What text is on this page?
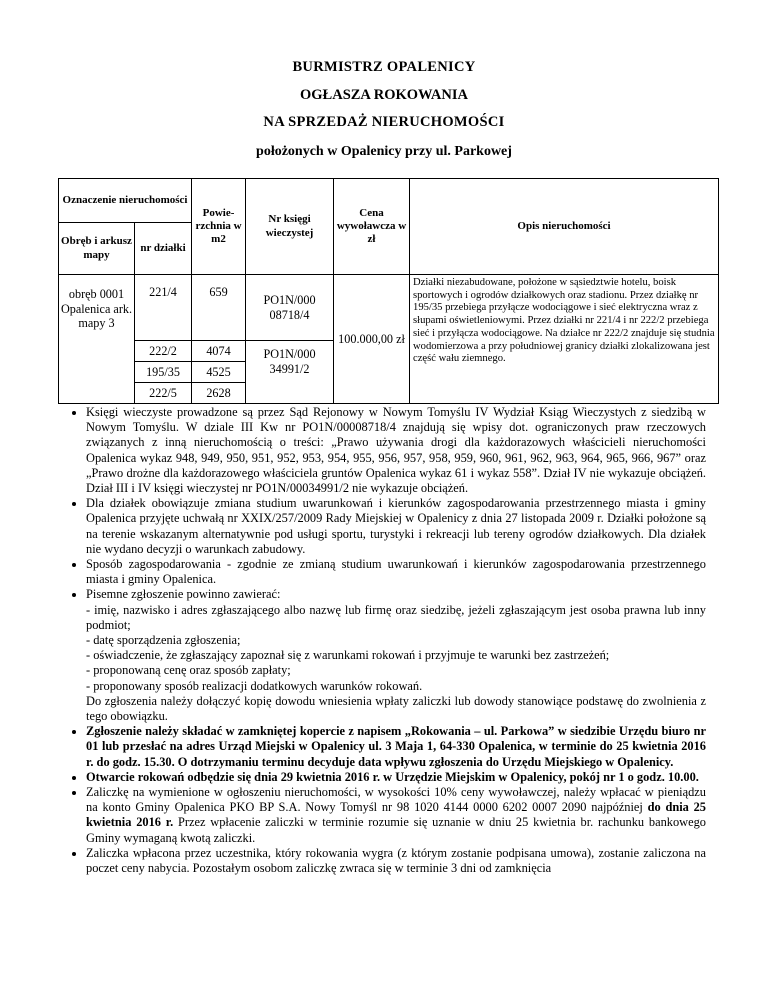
BURMISTRZ OPALENICY
OGŁASZA ROKOWANIA
NA SPRZEDAŻ NIERUCHOMOŚCI
położonych w Opalenicy przy ul. Parkowej
Oznaczenie nieruchomości		Powie-rzchnia w m2	Nr księgi wieczystej	Cena wywoławcza w zł	Opis nieruchomości
Obręb i arkusz mapy	nr działki				
obręb 0001 Opalenica ark. mapy 3	221/4	659	PO1N/000 08718/4	100.000,00 zł	Działki niezabudowane, położone w sąsiedztwie hotelu, boisk sportowych i ogrodów działkowych oraz stadionu. Przez działkę nr 195/35 przebiega przyłącze wodociągowe i sieć elektryczna wraz z słupami oświetleniowymi. Przez działki nr 221/4 i nr 222/2 przebiega sieć i przyłącza wodociągowe. Na działce nr 222/2 znajduje się studnia wodomierzowa a przy południowej granicy działki zlokalizowana jest część wału ziemnego.
	222/2	4074	PO1N/000 34991/2		
	195/35	4525			
	222/5	2628			
• Księgi wieczyste prowadzone są przez Sąd Rejonowy w Nowym Tomyślu IV Wydział Ksiąg Wieczystych z siedzibą w Nowym Tomyślu. W dziale III Kw nr PO1N/00008718/4 znajdują się wpisy dot. ograniczonych praw rzeczowych związanych z inną nieruchomością o treści: „Prawo używania drogi dla każdorazowych właścicieli nieruchomości Opalenica wykaz 948, 949, 950, 951, 952, 953, 954, 955, 956, 957, 958, 959, 960, 961, 962, 963, 964, 965, 966, 967” oraz „Prawo drożne dla każdorazowego właściciela gruntów Opalenica wykaz 61 i wykaz 558”. Dział IV nie wykazuje obciążeń. Dział III i IV księgi wieczystej nr PO1N/00034991/2 nie wykazuje obciążeń.
• Dla działek obowiązuje zmiana studium uwarunkowań i kierunków zagospodarowania przestrzennego miasta i gminy Opalenica przyjęte uchwałą nr XXIX/257/2009 Rady Miejskiej w Opalenicy z dnia 27 listopada 2009 r. Działki położone są na terenie wskazanym alternatywnie pod usługi sportu, turystyki i rekreacji lub tereny ogrodów działkowych. Dla działek nie wydano decyzji o warunkach zabudowy.
• Sposób zagospodarowania - zgodnie ze zmianą studium uwarunkowań i kierunków zagospodarowania przestrzennego miasta i gminy Opalenica.
• Pisemne zgłoszenie powinno zawierać:
- imię, nazwisko i adres zgłaszającego albo nazwę lub firmę oraz siedzibę, jeżeli zgłaszającym jest osoba prawna lub inny podmiot;
- datę sporządzenia zgłoszenia;
- oświadczenie, że zgłaszający zapoznał się z warunkami rokowań i przyjmuje te warunki bez zastrzeżeń;
- proponowaną cenę oraz sposób zapłaty;
- proponowany sposób realizacji dodatkowych warunków rokowań.
Do zgłoszenia należy dołączyć kopię dowodu wniesienia wpłaty zaliczki lub dowody stanowiące podstawę do zwolnienia z tego obowiązku.
• Zgłoszenie należy składać w zamkniętej kopercie z napisem „Rokowania – ul. Parkowa” w siedzibie Urzędu biuro nr 01 lub przesłać na adres Urząd Miejski w Opalenicy ul. 3 Maja 1, 64-330 Opalenica, w terminie do 25 kwietnia 2016 r. do godz. 15.30. O dotrzymaniu terminu decyduje data wpływu zgłoszenia do Urzędu Miejskiego w Opalenicy.
• Otwarcie rokowań odbędzie się dnia 29 kwietnia 2016 r. w Urzędzie Miejskim w Opalenicy, pokój nr 1 o godz. 10.00.
• Zaliczkę na wymienione w ogłoszeniu nieruchomości, w wysokości 10% ceny wywoławczej, należy wpłacać w pieniądzu na konto Gminy Opalenica PKO BP S.A. Nowy Tomyśl nr 98 1020 4144 0000 6202 0007 2090 najpóźniej do dnia 25 kwietnia 2016 r. Przez wpłacenie zaliczki w terminie rozumie się uznanie w dniu 25 kwietnia br. rachunku bankowego Gminy wymaganą kwotą zaliczki.
• Zaliczka wpłacona przez uczestnika, który rokowania wygra (z którym zostanie podpisana umowa), zostanie zaliczona na poczet ceny nabycia. Pozostałym osobom zaliczkę zwraca się w terminie 3 dni od zamknięcia
